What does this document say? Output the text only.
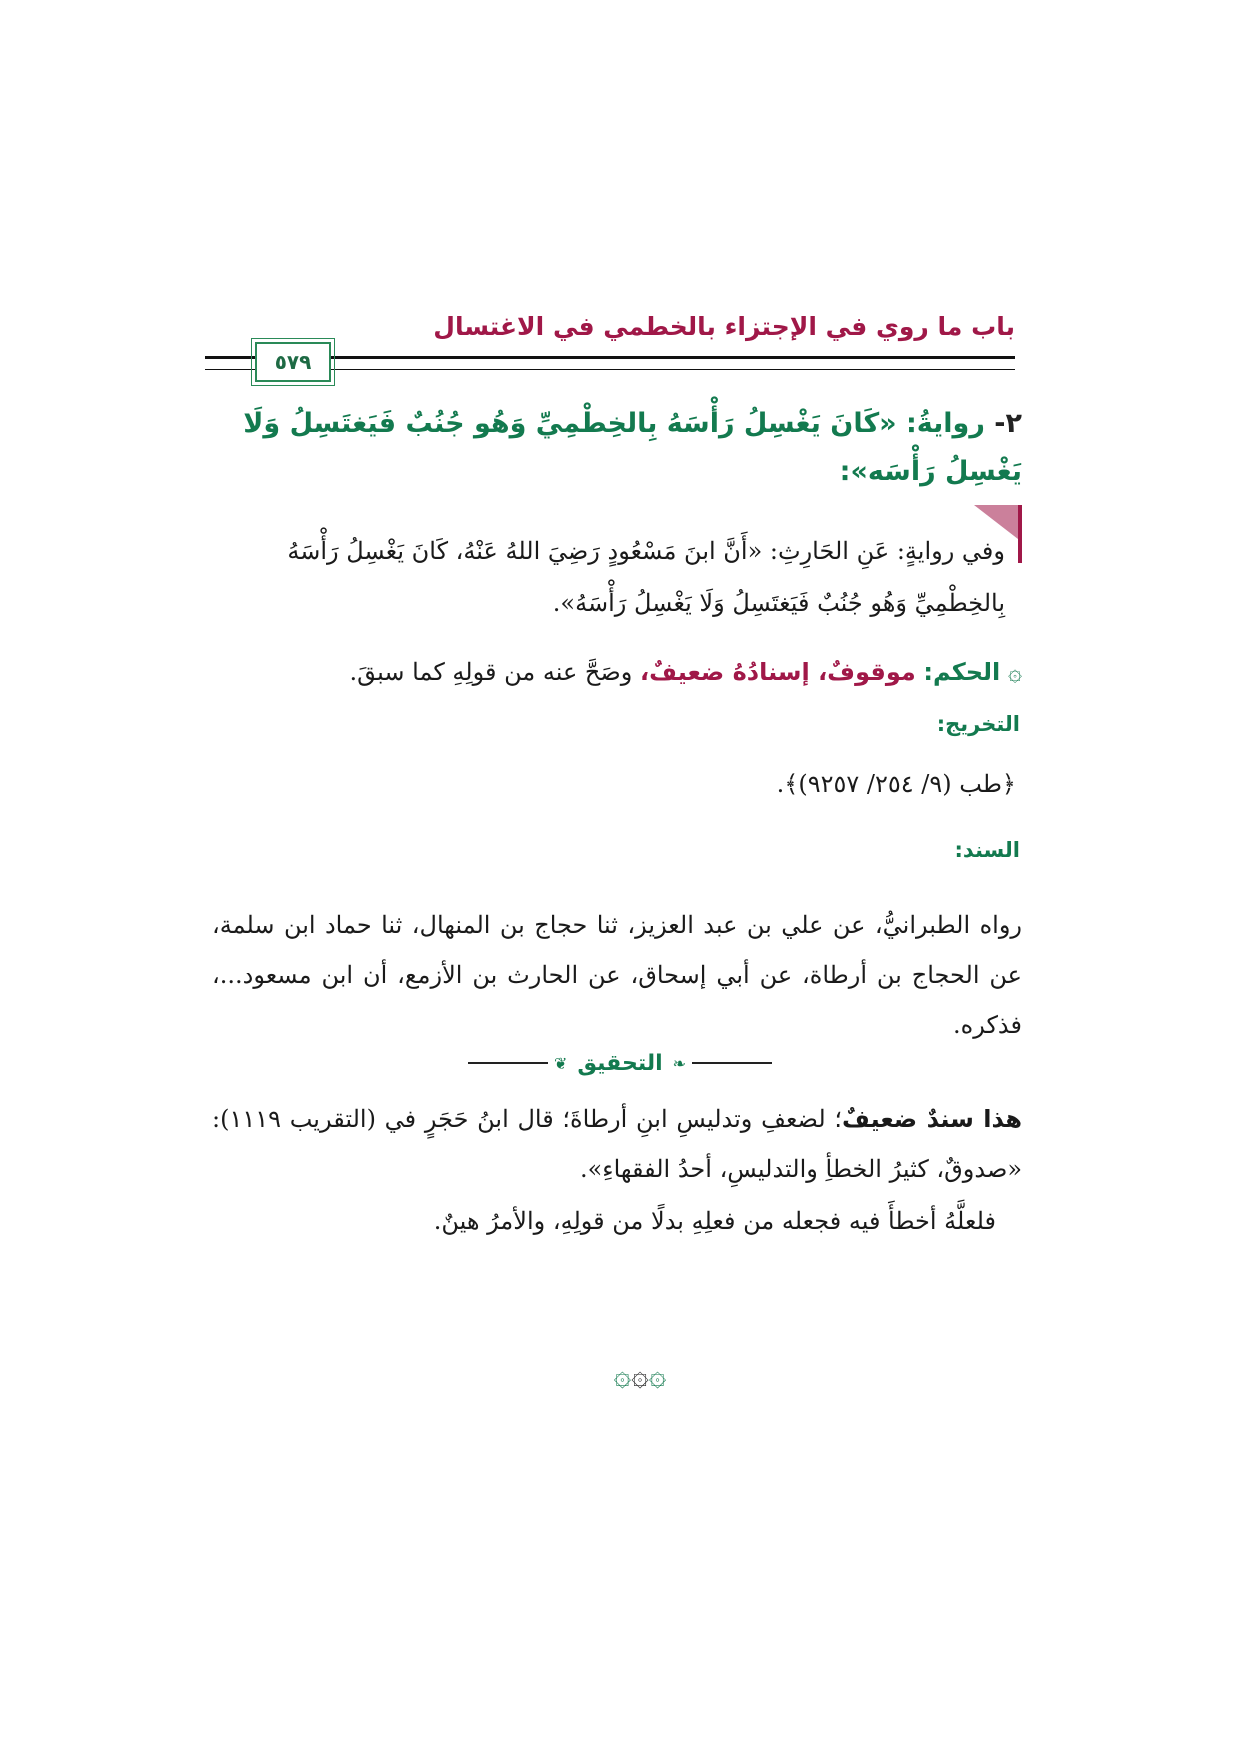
باب ما روي في الإجتزاء بالخطمي في الاغتسال
٥٧٩
٢- روايةُ: «كَانَ يَغْسِلُ رَأْسَهُ بِالخِطْمِيِّ وَهُو جُنُبٌ فَيَغتَسِلُ وَلَا يَغْسِلُ رَأْسَه»:
وفي روايةٍ: عَنِ الحَارِثِ: «أَنَّ ابنَ مَسْعُودٍ رَضِيَ اللهُ عَنْهُ، كَانَ يَغْسِلُ رَأْسَهُ بِالخِطْمِيِّ وَهُو جُنُبٌ فَيَغتَسِلُ وَلَا يَغْسِلُ رَأْسَهُ».
۞ الحكم: موقوفٌ، إسنادُهُ ضعيفٌ، وصَحَّ عنه من قولِهِ كما سبقَ.
التخريج:
﴿طب (٩/ ٢٥٤/ ٩٢٥٧)﴾.
السند:
رواه الطبرانيُّ، عن علي بن عبد العزيز، ثنا حجاج بن المنهال، ثنا حماد ابن سلمة، عن الحجاج بن أرطاة، عن أبي إسحاق، عن الحارث بن الأزمع، أن ابن مسعود...، فذكره.
❦ التحقيق ❧
هذا سندٌ ضعيفٌ؛ لضعفِ وتدليسِ ابنِ أرطاةَ؛ قال ابنُ حَجَرٍ في (التقريب ١١١٩): «صدوقٌ، كثيرُ الخطأِ والتدليسِ، أحدُ الفقهاءِ».
فلعلَّهُ أخطأَ فيه فجعله من فعلِهِ بدلًا من قولِهِ، والأمرُ هينٌ.
۞۞۞
